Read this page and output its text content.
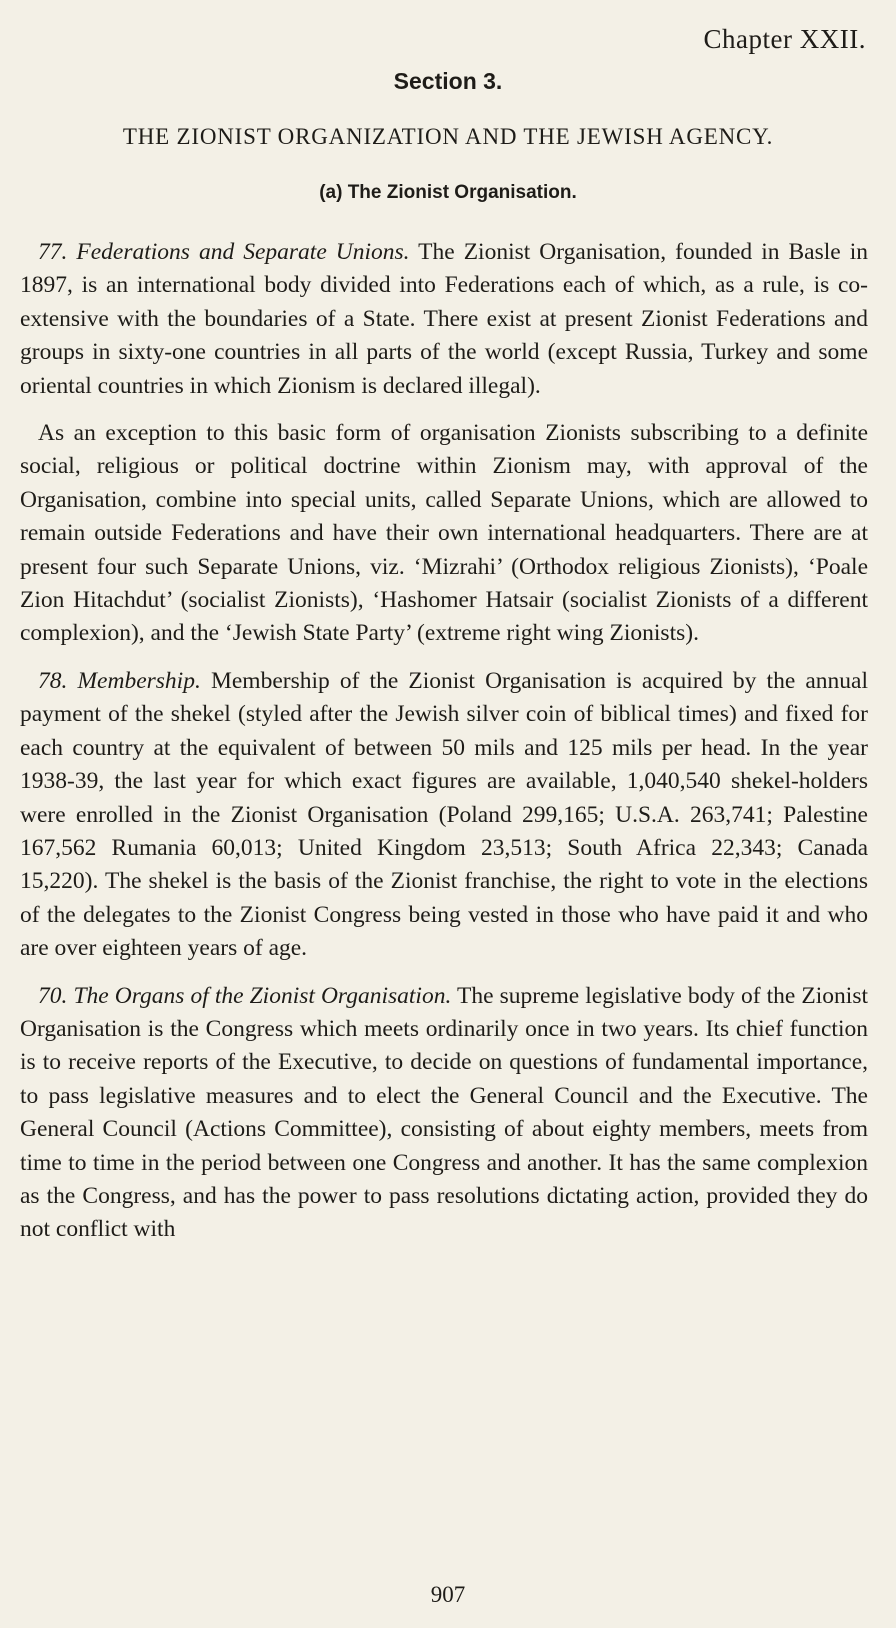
Chapter XXII.
Section 3.
THE ZIONIST ORGANIZATION AND THE JEWISH AGENCY.
(a) The Zionist Organisation.

77. Federations and Separate Unions. The Zionist Organisation, founded in Basle in 1897, is an international body divided into Federations each of which, as a rule, is co-extensive with the boundaries of a State. There exist at present Zionist Federations and groups in sixty-one countries in all parts of the world (except Russia, Turkey and some oriental countries in which Zionism is declared illegal).

As an exception to this basic form of organisation Zionists subscribing to a definite social, religious or political doctrine within Zionism may, with approval of the Organisation, combine into special units, called Separate Unions, which are allowed to remain outside Federations and have their own international headquarters. There are at present four such Separate Unions, viz. ‘Mizrahi’ (Orthodox religious Zionists), ‘Poale Zion Hitachdut’ (socialist Zionists), ‘Hashomer Hatsair (socialist Zionists of a different complexion), and the ‘Jewish State Party’ (extreme right wing Zionists).

78. Membership. Membership of the Zionist Organisation is acquired by the annual payment of the shekel (styled after the Jewish silver coin of biblical times) and fixed for each country at the equivalent of between 50 mils and 125 mils per head. In the year 1938-39, the last year for which exact figures are available, 1,040,540 shekel-holders were enrolled in the Zionist Organisation (Poland 299,165; U.S.A. 263,741; Palestine 167,562 Rumania 60,013; United Kingdom 23,513; South Africa 22,343; Canada 15,220). The shekel is the basis of the Zionist franchise, the right to vote in the elections of the delegates to the Zionist Congress being vested in those who have paid it and who are over eighteen years of age.

70. The Organs of the Zionist Organisation. The supreme legislative body of the Zionist Organisation is the Congress which meets ordinarily once in two years. Its chief function is to receive reports of the Executive, to decide on questions of fundamental importance, to pass legislative measures and to elect the General Council and the Executive. The General Council (Actions Committee), consisting of about eighty members, meets from time to time in the period between one Congress and another. It has the same complexion as the Congress, and has the power to pass resolutions dictating action, provided they do not conflict with

907
